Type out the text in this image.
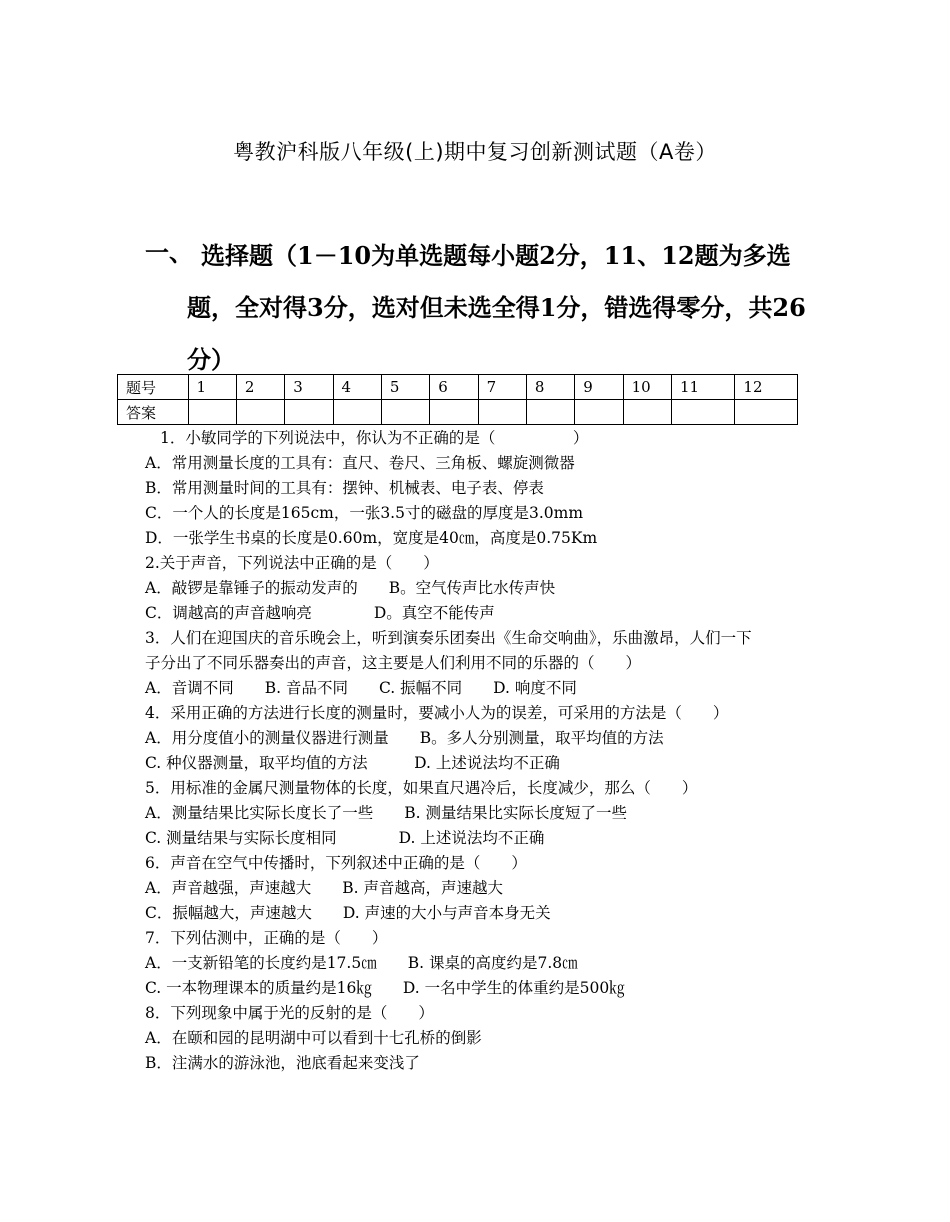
粤教沪科版八年级(上)期中复习创新测试题（A卷）
一、 选择题（1－10为单选题每小题2分，11、12题为多选题，全对得3分，选对但未选全得1分，错选得零分，共26分）
题号	1	2	3	4	5	6	7	8	9	10	11	12
答案												
1．小敏同学的下列说法中，你认为不正确的是（　　　　　）
A．常用测量长度的工具有：直尺、卷尺、三角板、螺旋测微器
B．常用测量时间的工具有：摆钟、机械表、电子表、停表
C．一个人的长度是165cm，一张3.5寸的磁盘的厚度是3.0mm
D．一张学生书桌的长度是0.60m，宽度是40㎝，高度是0.75Km
2.关于声音，下列说法中正确的是（　　）
A．敲锣是靠锤子的振动发声的　　B。空气传声比水传声快
C．调越高的声音越响亮　　　　D。真空不能传声
3．人们在迎国庆的音乐晚会上，听到演奏乐团奏出《生命交响曲》，乐曲激昂，人们一下
子分出了不同乐器奏出的声音，这主要是人们利用不同的乐器的（　　）
A．音调不同　　B. 音品不同　　C. 振幅不同　　D. 响度不同
4．采用正确的方法进行长度的测量时，要减小人为的误差，可采用的方法是（　　）
A．用分度值小的测量仪器进行测量　　B。多人分别测量，取平均值的方法
C. 种仪器测量，取平均值的方法　　　D. 上述说法均不正确
5．用标准的金属尺测量物体的长度，如果直尺遇冷后，长度减少，那么（　　）
A．测量结果比实际长度长了一些　　B. 测量结果比实际长度短了一些
C. 测量结果与实际长度相同　　　　D. 上述说法均不正确
6．声音在空气中传播时，下列叙述中正确的是（　　）
A．声音越强，声速越大　　B. 声音越高，声速越大
C．振幅越大，声速越大　　D. 声速的大小与声音本身无关
7．下列估测中，正确的是（　　）
A．一支新铅笔的长度约是17.5㎝　　B. 课桌的高度约是7.8㎝
C. 一本物理课本的质量约是16㎏　　D. 一名中学生的体重约是500㎏
8．下列现象中属于光的反射的是（　　）
A．在颐和园的昆明湖中可以看到十七孔桥的倒影
B．注满水的游泳池，池底看起来变浅了
